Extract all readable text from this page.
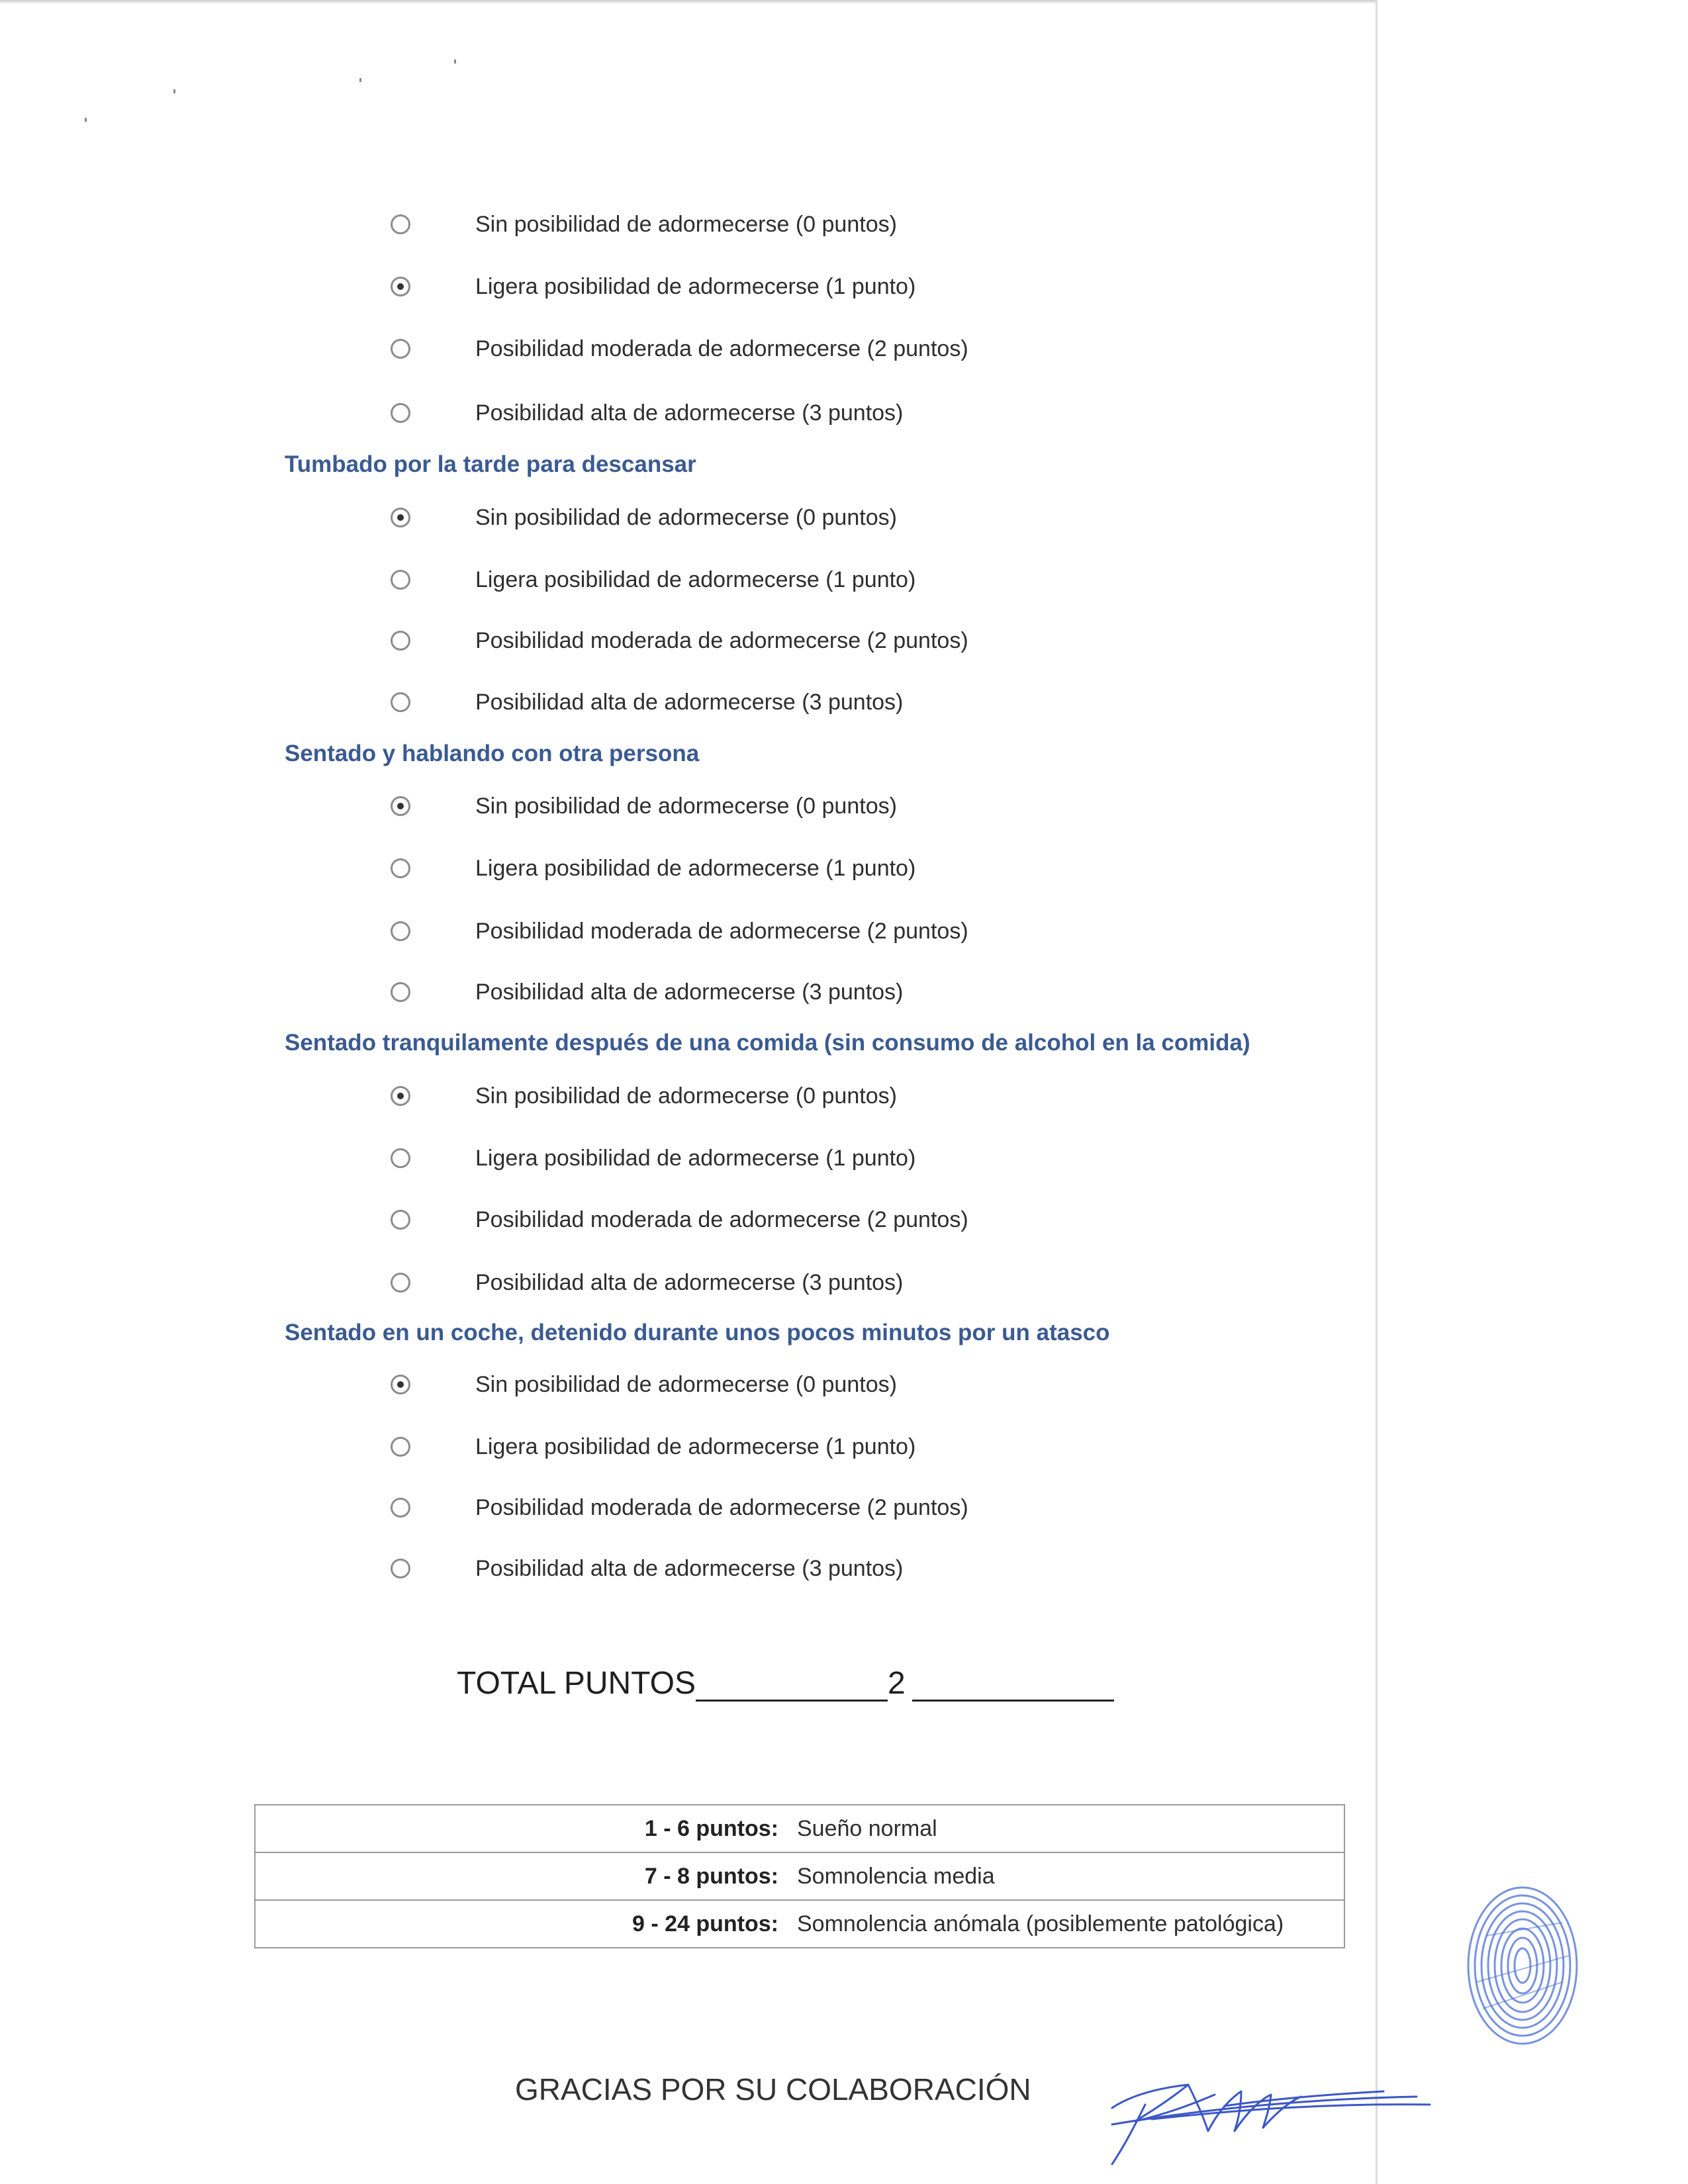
Sin posibilidad de adormecerse (0 puntos)
Ligera posibilidad de adormecerse (1 punto)
Posibilidad moderada de adormecerse (2 puntos)
Posibilidad alta de adormecerse (3 puntos)
Tumbado por la tarde para descansar
Sin posibilidad de adormecerse (0 puntos)
Ligera posibilidad de adormecerse (1 punto)
Posibilidad moderada de adormecerse (2 puntos)
Posibilidad alta de adormecerse (3 puntos)
Sentado y hablando con otra persona
Sin posibilidad de adormecerse (0 puntos)
Ligera posibilidad de adormecerse (1 punto)
Posibilidad moderada de adormecerse (2 puntos)
Posibilidad alta de adormecerse (3 puntos)
Sentado tranquilamente después de una comida (sin consumo de alcohol en la comida)
Sin posibilidad de adormecerse (0 puntos)
Ligera posibilidad de adormecerse (1 punto)
Posibilidad moderada de adormecerse (2 puntos)
Posibilidad alta de adormecerse (3 puntos)
Sentado en un coche, detenido durante unos pocos minutos por un atasco
Sin posibilidad de adormecerse (0 puntos)
Ligera posibilidad de adormecerse (1 punto)
Posibilidad moderada de adormecerse (2 puntos)
Posibilidad alta de adormecerse (3 puntos)
TOTAL PUNTOS	2
1 - 6 puntos: Sueño normal
7 - 8 puntos: Somnolencia media
9 - 24 puntos: Somnolencia anómala (posiblemente patológica)
GRACIAS POR SU COLABORACIÓN
